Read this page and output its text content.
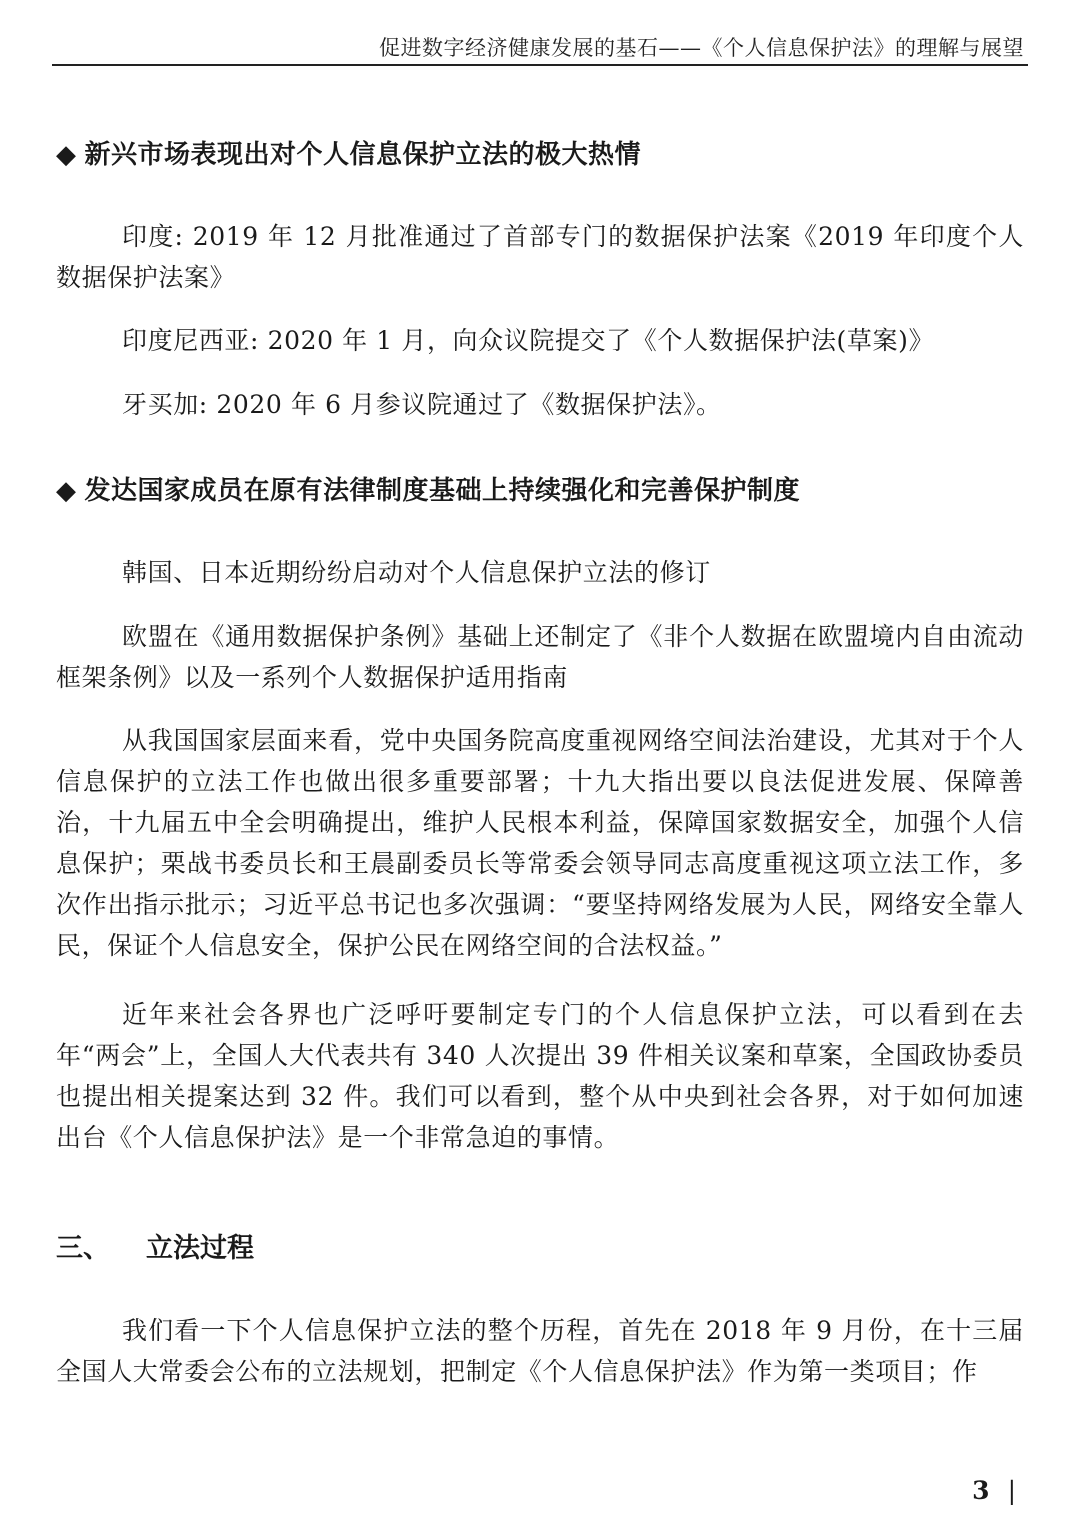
促进数字经济健康发展的基石——《个人信息保护法》的理解与展望
◆ 新兴市场表现出对个人信息保护立法的极大热情

印度: 2019 年 12 月批准通过了首部专门的数据保护法案《2019 年印度个人数据保护法案》

印度尼西亚: 2020 年 1 月，向众议院提交了《个人数据保护法(草案)》

牙买加: 2020 年 6 月参议院通过了《数据保护法》。

◆ 发达国家成员在原有法律制度基础上持续强化和完善保护制度

韩国、日本近期纷纷启动对个人信息保护立法的修订

欧盟在《通用数据保护条例》基础上还制定了《非个人数据在欧盟境内自由流动框架条例》以及一系列个人数据保护适用指南

从我国国家层面来看，党中央国务院高度重视网络空间法治建设，尤其对于个人信息保护的立法工作也做出很多重要部署；十九大指出要以良法促进发展、保障善治，十九届五中全会明确提出，维护人民根本利益，保障国家数据安全，加强个人信息保护；栗战书委员长和王晨副委员长等常委会领导同志高度重视这项立法工作，多次作出指示批示；习近平总书记也多次强调：“要坚持网络发展为人民，网络安全靠人民，保证个人信息安全，保护公民在网络空间的合法权益。”

近年来社会各界也广泛呼吁要制定专门的个人信息保护立法，可以看到在去年“两会”上，全国人大代表共有 340 人次提出 39 件相关议案和草案，全国政协委员也提出相关提案达到 32 件。我们可以看到，整个从中央到社会各界，对于如何加速出台《个人信息保护法》是一个非常急迫的事情。

三、 立法过程

我们看一下个人信息保护立法的整个历程，首先在 2018 年 9 月份，在十三届全国人大常委会公布的立法规划，把制定《个人信息保护法》作为第一类项目；作

3 |
